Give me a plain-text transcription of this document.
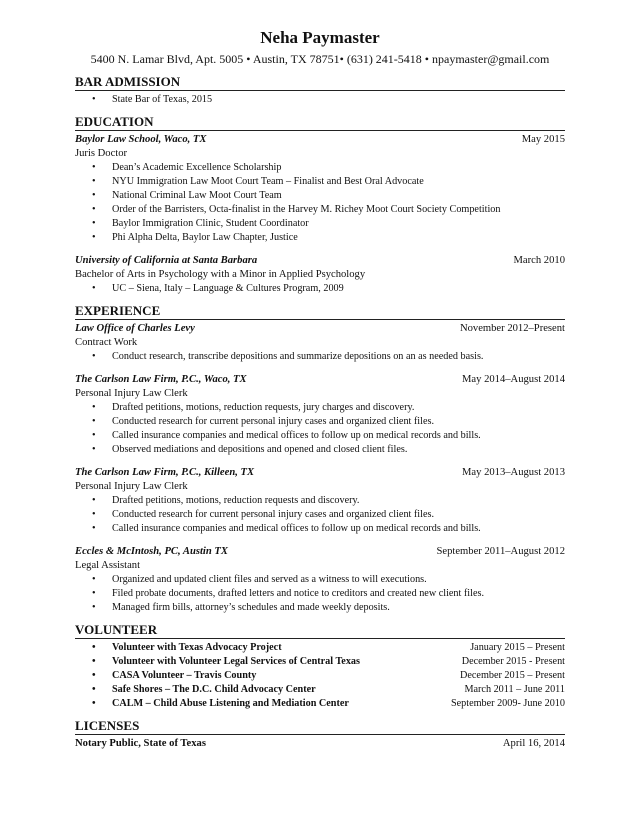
Neha Paymaster
5400 N. Lamar Blvd, Apt. 5005 • Austin, TX 78751• (631) 241-5418 • npaymaster@gmail.com
BAR ADMISSION
• State Bar of Texas, 2015
EDUCATION
Baylor Law School, Waco, TX	May 2015
Juris Doctor
• Dean’s Academic Excellence Scholarship
• NYU Immigration Law Moot Court Team – Finalist and Best Oral Advocate
• National Criminal Law Moot Court Team
• Order of the Barristers, Octa-finalist in the Harvey M. Richey Moot Court Society Competition
• Baylor Immigration Clinic, Student Coordinator
• Phi Alpha Delta, Baylor Law Chapter, Justice
University of California at Santa Barbara	March 2010
Bachelor of Arts in Psychology with a Minor in Applied Psychology
• UC – Siena, Italy – Language & Cultures Program, 2009
EXPERIENCE
Law Office of Charles Levy	November 2012–Present
Contract Work
• Conduct research, transcribe depositions and summarize depositions on an as needed basis.
The Carlson Law Firm, P.C., Waco, TX	May 2014–August 2014
Personal Injury Law Clerk
• Drafted petitions, motions, reduction requests, jury charges and discovery.
• Conducted research for current personal injury cases and organized client files.
• Called insurance companies and medical offices to follow up on medical records and bills.
• Observed mediations and depositions and opened and closed client files.
The Carlson Law Firm, P.C., Killeen, TX	May 2013–August 2013
Personal Injury Law Clerk
• Drafted petitions, motions, reduction requests and discovery.
• Conducted research for current personal injury cases and organized client files.
• Called insurance companies and medical offices to follow up on medical records and bills.
Eccles & McIntosh, PC, Austin TX	September 2011–August 2012
Legal Assistant
• Organized and updated client files and served as a witness to will executions.
• Filed probate documents, drafted letters and notice to creditors and created new client files.
• Managed firm bills, attorney’s schedules and made weekly deposits.
VOLUNTEER
• Volunteer with Texas Advocacy Project	January 2015 – Present
• Volunteer with Volunteer Legal Services of Central Texas	December 2015 - Present
• CASA Volunteer – Travis County	December 2015 – Present
• Safe Shores – The D.C. Child Advocacy Center	March 2011 – June 2011
• CALM – Child Abuse Listening and Mediation Center	September 2009- June 2010
LICENSES
Notary Public, State of Texas	April 16, 2014
